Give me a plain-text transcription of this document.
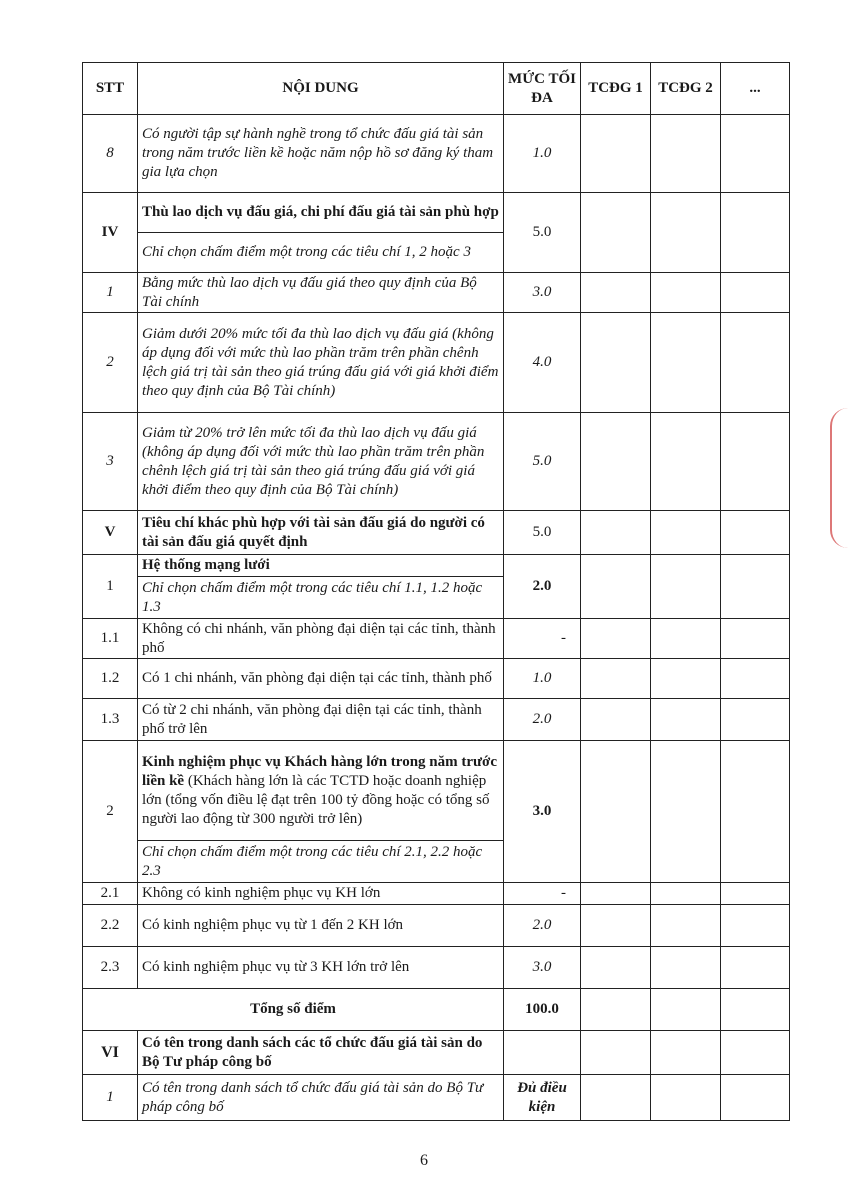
STT	NỘI DUNG	MỨC TỐI ĐA	TCĐG 1	TCĐG 2	...
8	Có người tập sự hành nghề trong tổ chức đấu giá tài sản trong năm trước liền kề hoặc năm nộp hồ sơ đăng ký tham gia lựa chọn	1.0			
IV	Thù lao dịch vụ đấu giá, chi phí đấu giá tài sản phù hợp	5.0			
	Chỉ chọn chấm điểm một trong các tiêu chí 1, 2 hoặc 3				
1	Bằng mức thù lao dịch vụ đấu giá theo quy định của Bộ Tài chính	3.0			
2	Giảm dưới 20% mức tối đa thù lao dịch vụ đấu giá (không áp dụng đối với mức thù lao phần trăm trên phần chênh lệch giá trị tài sản theo giá trúng đấu giá với giá khởi điểm theo quy định của Bộ Tài chính)	4.0			
3	Giảm từ 20% trở lên mức tối đa thù lao dịch vụ đấu giá (không áp dụng đối với mức thù lao phần trăm trên phần chênh lệch giá trị tài sản theo giá trúng đấu giá với giá khởi điểm theo quy định của Bộ Tài chính)	5.0			
V	Tiêu chí khác phù hợp với tài sản đấu giá do người có tài sản đấu giá quyết định	5.0			
1	Hệ thống mạng lưới	2.0			
	Chỉ chọn chấm điểm một trong các tiêu chí 1.1, 1.2 hoặc 1.3				
1.1	Không có chi nhánh, văn phòng đại diện tại các tỉnh, thành phố	-			
1.2	Có 1 chi nhánh, văn phòng đại diện tại các tỉnh, thành phố	1.0			
1.3	Có từ 2 chi nhánh, văn phòng đại diện tại các tỉnh, thành phố trở lên	2.0			
2	Kinh nghiệm phục vụ Khách hàng lớn trong năm trước liền kề (Khách hàng lớn là các TCTD hoặc doanh nghiệp lớn (tổng vốn điều lệ đạt trên 100 tỷ đồng hoặc có tổng số người lao động từ 300 người trở lên)	3.0			
	Chỉ chọn chấm điểm một trong các tiêu chí 2.1, 2.2 hoặc 2.3				
2.1	Không có kinh nghiệm phục vụ KH lớn	-			
2.2	Có kinh nghiệm phục vụ từ 1 đến 2 KH lớn	2.0			
2.3	Có kinh nghiệm phục vụ từ 3 KH lớn trở lên	3.0			
Tổng số điểm		100.0			
VI	Có tên trong danh sách các tổ chức đấu giá tài sản do Bộ Tư pháp công bố				
1	Có tên trong danh sách tổ chức đấu giá tài sản do Bộ Tư pháp công bố	Đủ điều kiện			
6
